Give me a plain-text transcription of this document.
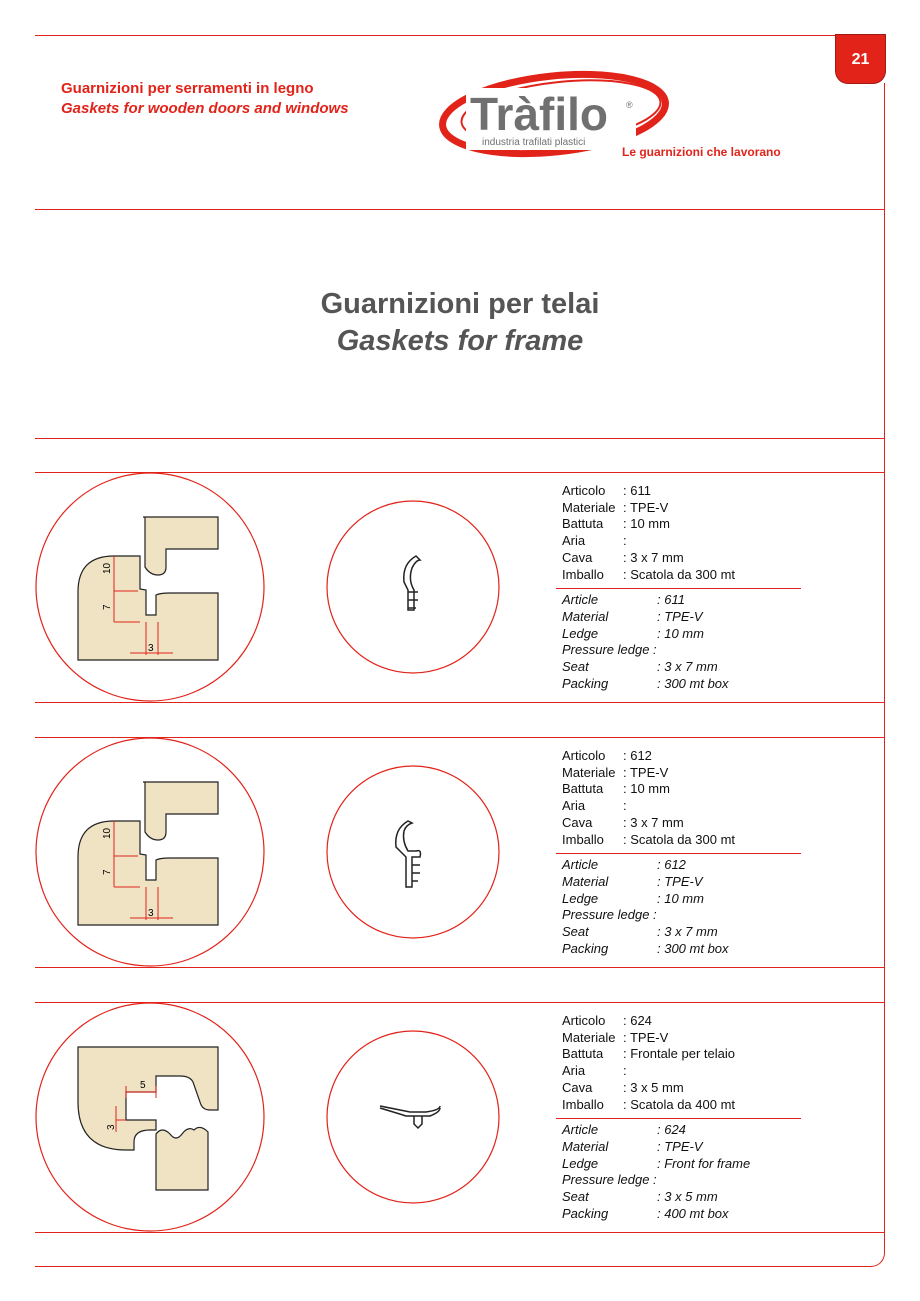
21
Guarnizioni per serramenti in legno
Gaskets for wooden doors and windows	Tràfilo ®
industria trafilati plastici
Le guarnizioni che lavorano
Guarnizioni per telai
Gaskets for frame
10
7
3
Articolo	: 611
Materiale : TPE-V
Battuta	: 10 mm
Aria	:
Cava	: 3 x 7 mm
Imballo	: Scatola da 300 mt
Article	: 611
Material	: TPE-V
Ledge	: 10 mm
Pressure ledge :
Seat	: 3 x 7 mm
Packing	: 300 mt box
10
7
3
Articolo	: 612
Materiale : TPE-V
Battuta	: 10 mm
Aria	:
Cava	: 3 x 7 mm
Imballo	: Scatola da 300 mt
Article	: 612
Material	: TPE-V
Ledge	: 10 mm
Pressure ledge :
Seat	: 3 x 7 mm
Packing	: 300 mt box
5
3
Articolo	: 624
Materiale : TPE-V
Battuta	: Frontale per telaio
Aria	:
Cava	: 3 x 5 mm
Imballo	: Scatola da 400 mt
Article	: 624
Material	: TPE-V
Ledge	: Front for frame
Pressure ledge :
Seat	: 3 x 5 mm
Packing	: 400 mt box
